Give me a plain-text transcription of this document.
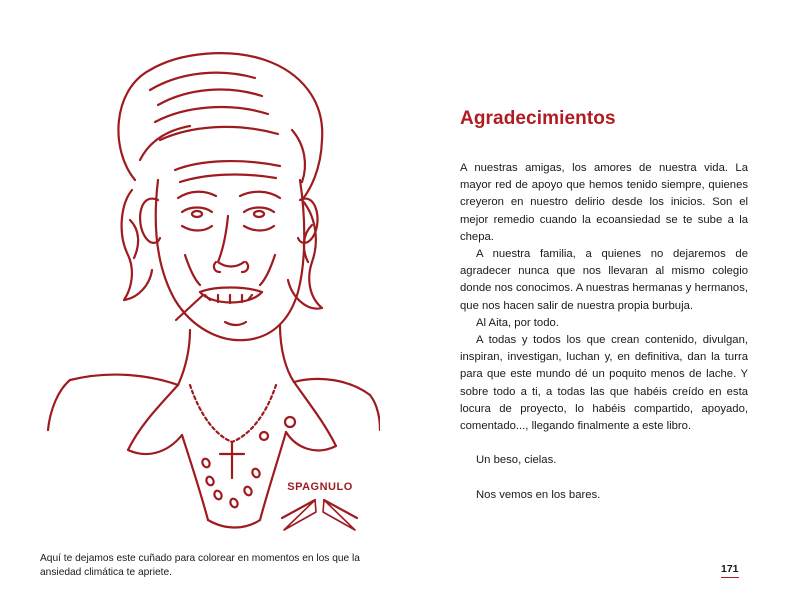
SPAGNULO

Aquí te dejamos este cuñado para colorear en momentos en los que la ansiedad climática te apriete.

Agradecimientos

A nuestras amigas, los amores de nuestra vida. La mayor red de apoyo que hemos tenido siempre, quienes creyeron en nuestro delirio desde los inicios. Son el mejor remedio cuando la ecoansiedad se te sube a la chepa.

A nuestra familia, a quienes no dejaremos de agradecer nunca que nos llevaran al mismo colegio donde nos conocimos. A nuestras hermanas y hermanos, que nos hacen salir de nuestra propia burbuja.

Al Aita, por todo.

A todas y todos los que crean contenido, divulgan, inspiran, investigan, luchan y, en definitiva, dan la turra para que este mundo dé un poquito menos de lache. Y sobre todo a ti, a todas las que habéis creído en esta locura de proyecto, lo habéis compartido, apoyado, comentado..., llegando finalmente a este libro.

Un beso, cielas.

Nos vemos en los bares.

171
